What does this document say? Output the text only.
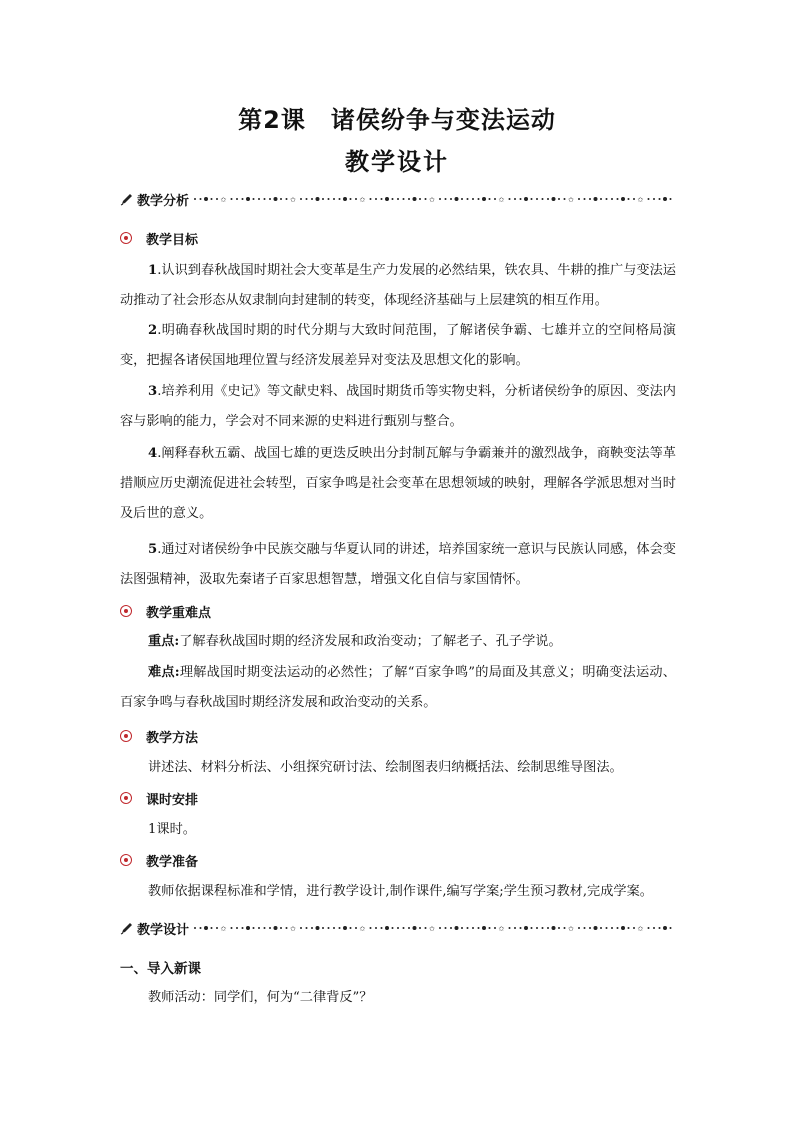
第2课　诸侯纷争与变法运动
教学设计
教学分析	✩	✩	✩	✩	✩	✩	✩
教学目标
1.认识到春秋战国时期社会大变革是生产力发展的必然结果，铁农具、牛耕的推广与变法运动推动了社会形态从奴隶制向封建制的转变，体现经济基础与上层建筑的相互作用。
2.明确春秋战国时期的时代分期与大致时间范围，了解诸侯争霸、七雄并立的空间格局演变，把握各诸侯国地理位置与经济发展差异对变法及思想文化的影响。
3.培养利用《史记》等文献史料、战国时期货币等实物史料，分析诸侯纷争的原因、变法内容与影响的能力，学会对不同来源的史料进行甄别与整合。
4.阐释春秋五霸、战国七雄的更迭反映出分封制瓦解与争霸兼并的激烈战争，商鞅变法等革措顺应历史潮流促进社会转型，百家争鸣是社会变革在思想领域的映射，理解各学派思想对当时及后世的意义。
5.通过对诸侯纷争中民族交融与华夏认同的讲述，培养国家统一意识与民族认同感，体会变法图强精神，汲取先秦诸子百家思想智慧，增强文化自信与家国情怀。
教学重难点
重点:了解春秋战国时期的经济发展和政治变动；了解老子、孔子学说。
难点:理解战国时期变法运动的必然性；了解“百家争鸣”的局面及其意义；明确变法运动、百家争鸣与春秋战国时期经济发展和政治变动的关系。
教学方法
讲述法、材料分析法、小组探究研讨法、绘制图表归纳概括法、绘制思维导图法。
课时安排
1课时。
教学准备
教师依据课程标准和学情，进行教学设计,制作课件,编写学案;学生预习教材,完成学案。
教学设计	✩	✩	✩	✩	✩	✩	✩
一、导入新课
教师活动：同学们，何为“二律背反”？
